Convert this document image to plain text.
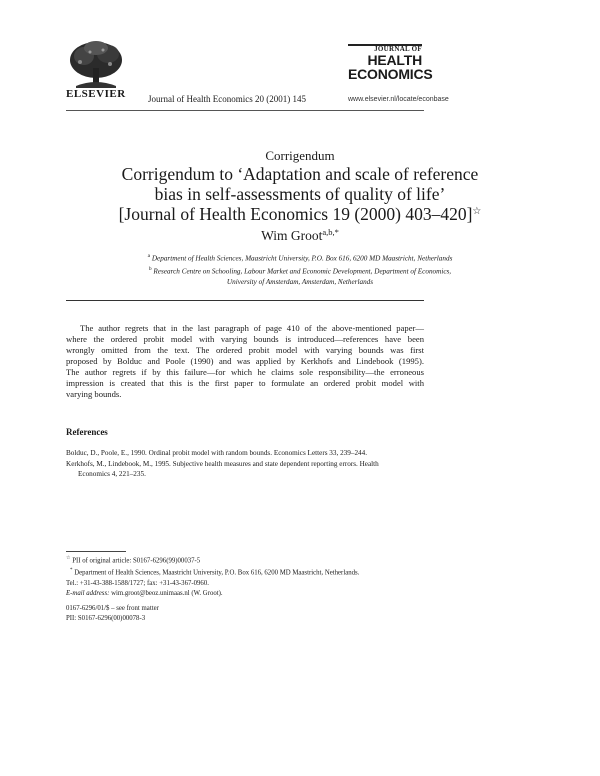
ELSEVIER Journal of Health Economics 20 (2001) 145
JOURNAL OF
HEALTH
ECONOMICS
www.elsevier.nl/locate/econbase
Corrigendum
Corrigendum to ‘Adaptation and scale of reference
bias in self-assessments of quality of life’
[Journal of Health Economics 19 (2000) 403–420]☆
Wim Groot$^{a,b,*}$
$^a$ Department of Health Sciences, Maastricht University, P.O. Box 616, 6200 MD Maastricht, Netherlands
$^b$ Research Centre on Schooling, Labour Market and Economic Development, Department of Economics,
University of Amsterdam, Amsterdam, Netherlands
The author regrets that in the last paragraph of page 410 of the above-mentioned paper—
where the ordered probit model with varying bounds is introduced—references have been
wrongly omitted from the text. The ordered probit model with varying bounds was first
proposed by Bolduc and Poole (1990) and was applied by Kerkhofs and Lindebook (1995).
The author regrets if by this failure—for which he claims sole responsibility—the erroneous
impression is created that this is the first paper to formulate an ordered probit model with
varying bounds.
References
Bolduc, D., Poole, E., 1990. Ordinal probit model with random bounds. Economics Letters 33, 239–244.
Kerkhofs, M., Lindebook, M., 1995. Subjective health measures and state dependent reporting errors. Health
Economics 4, 221–235.
☆ PII of original article: S0167-6296(99)00037-5
* Department of Health Sciences, Maastricht University, P.O. Box 616, 6200 MD Maastricht, Netherlands.
Tel.: +31-43-388-1588/1727; fax: +31-43-367-0960.
E-mail address: wim.groot@beoz.unimaas.nl (W. Groot).
0167-6296/01/$ – see front matter
PII: S0167-6296(00)00078-3
